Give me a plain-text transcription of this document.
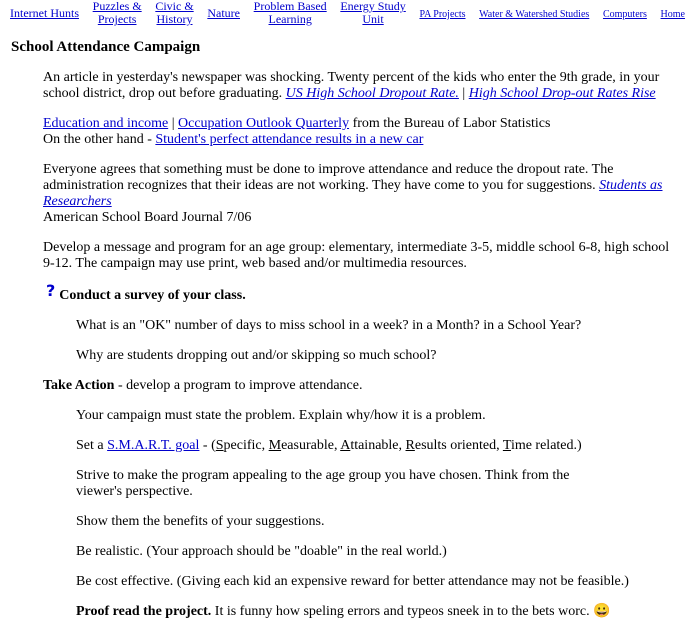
Internet Hunts Puzzles &
Projects
Civic &
History Nature Problem Based
Learning
Energy Study
Unit	PA Projects Water & Watershed Studies Computers Home
School Attendance Campaign

An article in yesterday's newspaper was shocking. Twenty percent of the kids who enter the 9th grade, in your school district, drop out before graduating. US High School Dropout Rate. | High School Drop-out Rates Rise

Education and income | Occupation Outlook Quarterly from the Bureau of Labor Statistics
On the other hand - Student's perfect attendance results in a new car

Everyone agrees that something must be done to improve attendance and reduce the dropout rate. The administration recognizes that their ideas are not working. They have come to you for suggestions. Students as Researchers
American School Board Journal 7/06

Develop a message and program for an age group: elementary, intermediate 3-5, middle school 6-8, high school 9-12. The campaign may use print, web based and/or multimedia resources.

? Conduct a survey of your class.

What is an "OK" number of days to miss school in a week? in a Month? in a School Year?

Why are students dropping out and/or skipping so much school?

Take Action - develop a program to improve attendance.

Your campaign must state the problem. Explain why/how it is a problem.

Set a S.M.A.R.T. goal - (Specific, Measurable, Attainable, Results oriented, Time related.)

Strive to make the program appealing to the age group you have chosen. Think from the viewer's perspective.

Show them the benefits of your suggestions.

Be realistic. (Your approach should be "doable" in the real world.)

Be cost effective. (Giving each kid an expensive reward for better attendance may not be feasible.)

Proof read the project. It is funny how speling errors and typeos sneek in to the bets worc. 😀
